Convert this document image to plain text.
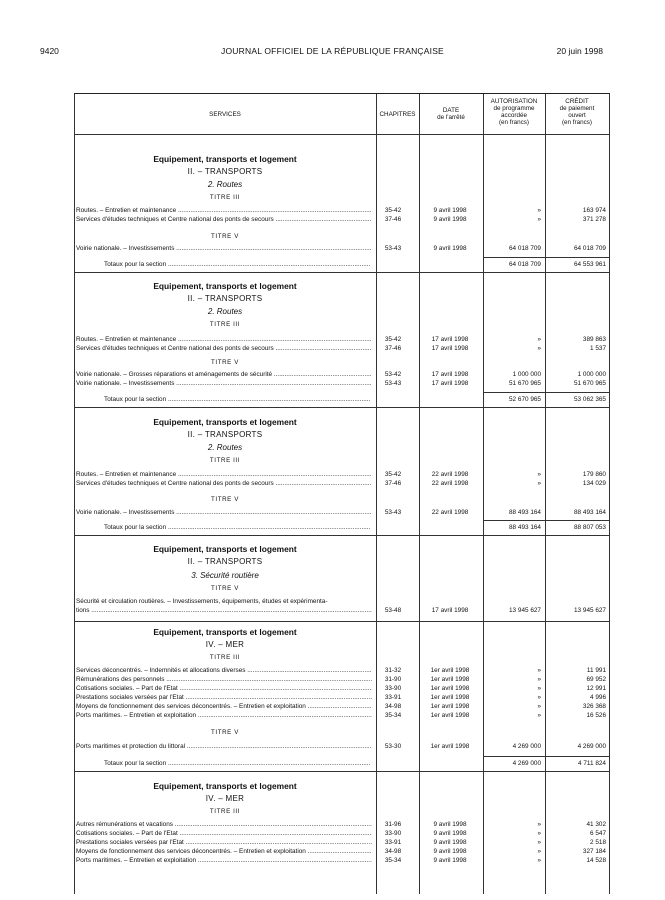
9420	JOURNAL OFFICIEL DE LA RÉPUBLIQUE FRANÇAISE	20 juin 1998
SERVICES	CHAPITRES
DATE
de l'arrêté
AUTORISATION
de programme
accordée
(en francs)
CRÉDIT
de paiement
ouvert
(en francs)
Equipement, transports et logement
II. – TRANSPORTS
2. Routes
TITRE III
Routes. – Entretien et maintenance .....	35-42	9 avril 1998	»	163 974
Services d'études techniques et Centre national des ponts de secours .....	37-46	9 avril 1998	»	371 278
TITRE V
Voirie nationale. – Investissements .....	53-43	9 avril 1998	64 018 709	64 018 709
Totaux pour la section .....	64 018 709	64 553 961
Equipement, transports et logement
II. – TRANSPORTS
2. Routes
TITRE III
Routes. – Entretien et maintenance .....	35-42	17 avril 1998	»	389 863
Services d'études techniques et Centre national des ponts de secours .....	37-46	17 avril 1998	»	1 537
TITRE V
Voirie nationale. – Grosses réparations et aménagements de sécurité .....	53-42	17 avril 1998	1 000 000	1 000 000
Voirie nationale. – Investissements .....	53-43	17 avril 1998	51 670 965	51 670 965
Totaux pour la section .....	52 670 965	53 062 365
Equipement, transports et logement
II. – TRANSPORTS
2. Routes
TITRE III
Routes. – Entretien et maintenance .....	35-42	22 avril 1998	»	179 860
Services d'études techniques et Centre national des ponts de secours .....	37-46	22 avril 1998	»	134 029
TITRE V
Voirie nationale. – Investissements .....	53-43	22 avril 1998	88 493 164	88 493 164
Totaux pour la section .....	88 493 164	88 807 053
Equipement, transports et logement
II. – TRANSPORTS
3. Sécurité routière
TITRE V
Sécurité et circulation routières. – Investissements, équipements, études et expérimenta-
tions .....	53-48	17 avril 1998	13 945 627	13 945 627
Equipement, transports et logement
IV. – MER
TITRE III
Services déconcentrés. – Indemnités et allocations diverses .....	31-32	1er avril 1998	»	11 991
Rémunérations des personnels .....	31-90	1er avril 1998	»	69 952
Cotisations sociales. – Part de l'Etat .....	33-90	1er avril 1998	»	12 991
Prestations sociales versées par l'Etat .....	33-91	1er avril 1998	»	4 996
Moyens de fonctionnement des services déconcentrés. – Entretien et exploitation .....	34-98	1er avril 1998	»	326 368
Ports maritimes. – Entretien et exploitation .....	35-34	1er avril 1998	»	16 526
TITRE V
Ports maritimes et protection du littoral .....	53-30	1er avril 1998	4 269 000	4 269 000
Totaux pour la section .....	4 269 000	4 711 824
Equipement, transports et logement
IV. – MER
TITRE III
Autres rémunérations et vacations .....	31-96	9 avril 1998	»	41 302
Cotisations sociales. – Part de l'Etat .....	33-90	9 avril 1998	»	6 547
Prestations sociales versées par l'Etat .....	33-91	9 avril 1998	»	2 518
Moyens de fonctionnement des services déconcentrés. – Entretien et exploitation .....	34-98	9 avril 1998	»	327 184
Ports maritimes. – Entretien et exploitation .....	35-34	9 avril 1998	»	14 528
